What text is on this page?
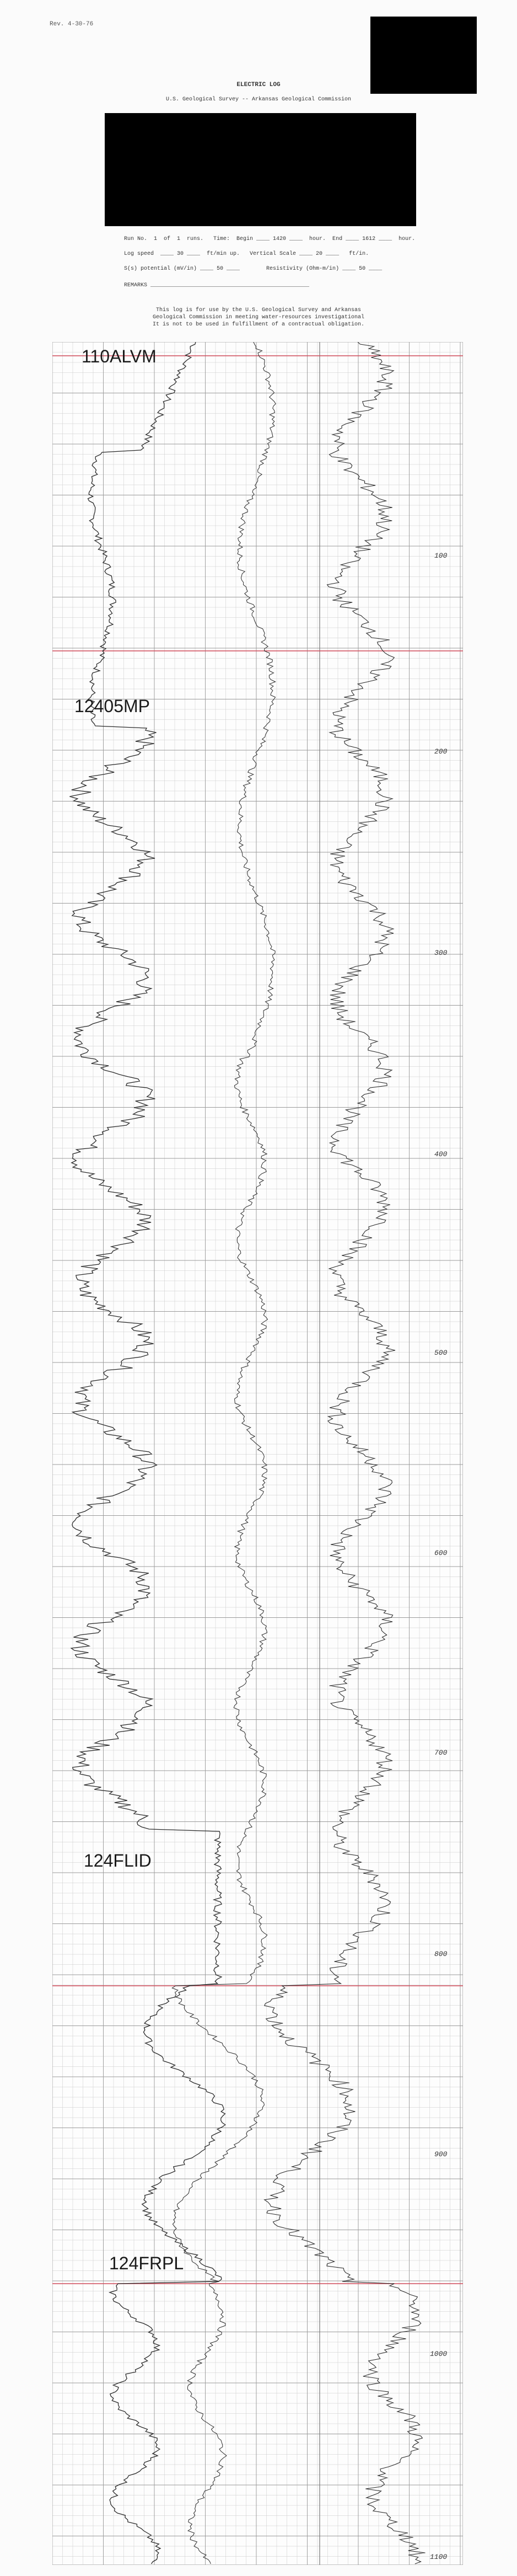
Rev. 4-30-76
ELECTRIC LOG
U.S. Geological Survey -- Arkansas Geological Commission
Run No.  1  of  1  runs.   Time:  Begin ____ 1420 ____  hour.  End ____ 1612 ____  hour.
Log speed  ____ 30 ____  ft/min up.   Vertical Scale ____ 20 ____   ft/in.
S(s) potential (mV/in) ____ 50 ____        Resistivity (Ohm-m/in) ____ 50 ____
REMARKS ________________________________________________
This log is for use by the U.S. Geological Survey and Arkansas
Geological Commission in meeting water-resources investigational
It is not to be used in fulfillment of a contractual obligation.
110ALVM
12405MP
124FLID
124FRPL
100
200
300
400
500
600
700
800
900
1000
1100
